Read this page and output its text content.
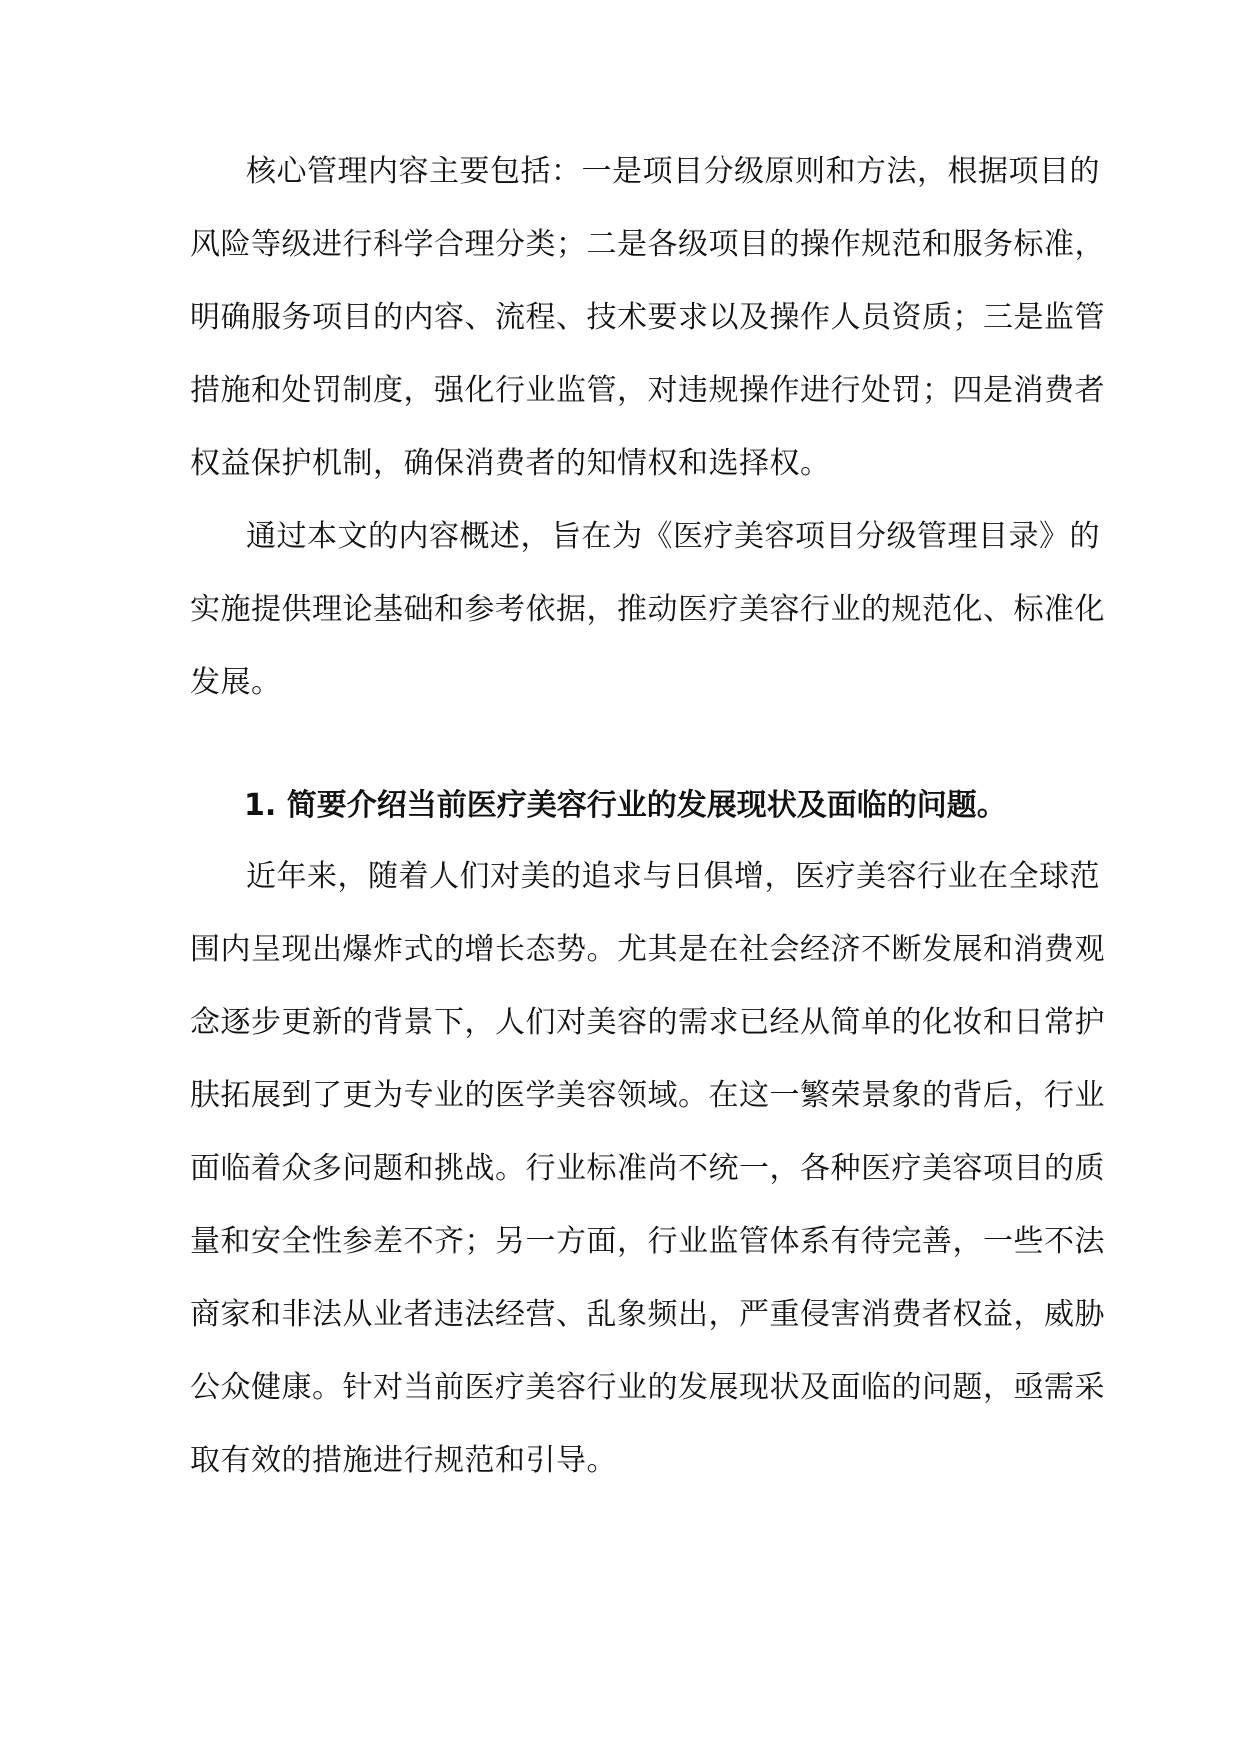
核心管理内容主要包括：一是项目分级原则和方法，根据项目的
风险等级进行科学合理分类；二是各级项目的操作规范和服务标准，
明确服务项目的内容、流程、技术要求以及操作人员资质；三是监管
措施和处罚制度，强化行业监管，对违规操作进行处罚；四是消费者
权益保护机制，确保消费者的知情权和选择权。
通过本文的内容概述，旨在为《医疗美容项目分级管理目录》的
实施提供理论基础和参考依据，推动医疗美容行业的规范化、标准化
发展。
1. 简要介绍当前医疗美容行业的发展现状及面临的问题。
近年来，随着人们对美的追求与日俱增，医疗美容行业在全球范
围内呈现出爆炸式的增长态势。尤其是在社会经济不断发展和消费观
念逐步更新的背景下，人们对美容的需求已经从简单的化妆和日常护
肤拓展到了更为专业的医学美容领域。在这一繁荣景象的背后，行业
面临着众多问题和挑战。行业标准尚不统一，各种医疗美容项目的质
量和安全性参差不齐；另一方面，行业监管体系有待完善，一些不法
商家和非法从业者违法经营、乱象频出，严重侵害消费者权益，威胁
公众健康。针对当前医疗美容行业的发展现状及面临的问题，亟需采
取有效的措施进行规范和引导。
